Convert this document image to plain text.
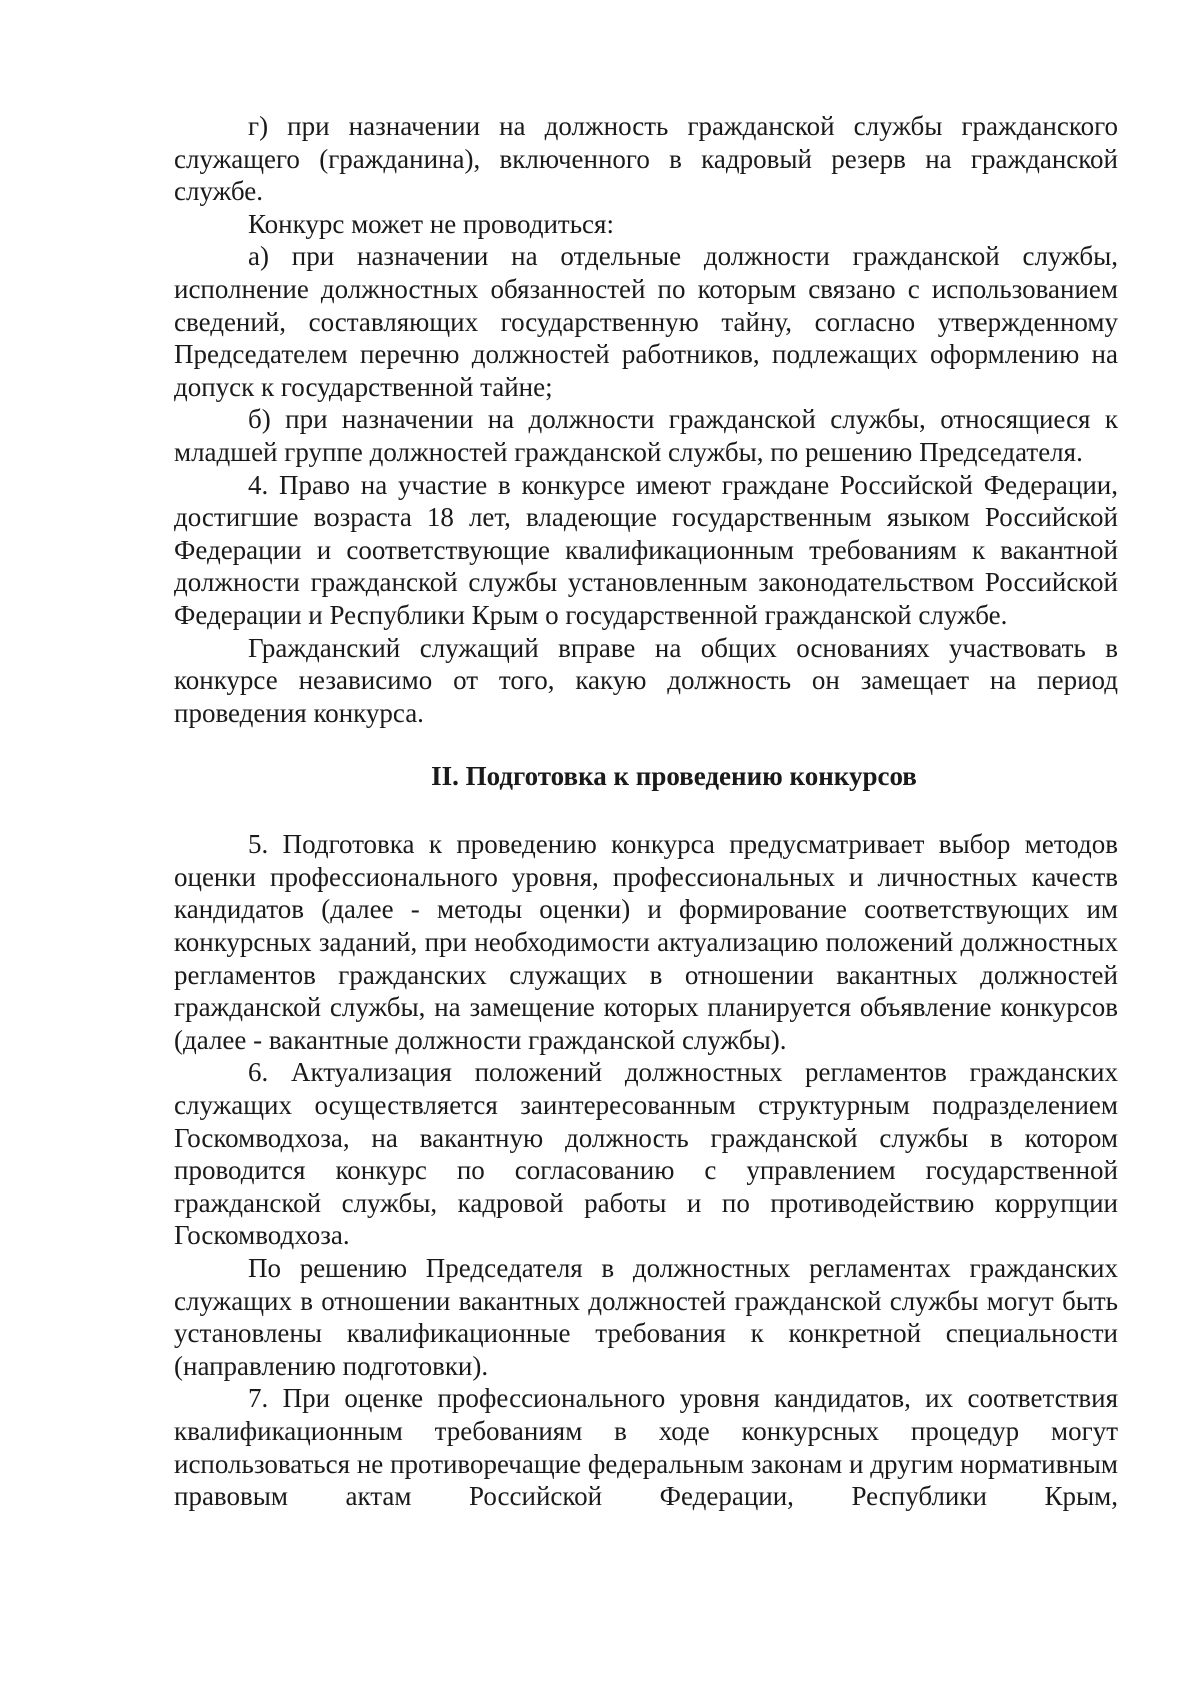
г) при назначении на должность гражданской службы гражданского служащего (гражданина), включенного в кадровый резерв на гражданской службе.

Конкурс может не проводиться:

а) при назначении на отдельные должности гражданской службы, исполнение должностных обязанностей по которым связано с использованием сведений, составляющих государственную тайну, согласно утвержденному Председателем перечню должностей работников, подлежащих оформлению на допуск к государственной тайне;

б) при назначении на должности гражданской службы, относящиеся к младшей группе должностей гражданской службы, по решению Председателя.

4. Право на участие в конкурсе имеют граждане Российской Федерации, достигшие возраста 18 лет, владеющие государственным языком Российской Федерации и соответствующие квалификационным требованиям к вакантной должности гражданской службы установленным законодательством Российской Федерации и Республики Крым о государственной гражданской службе.

Гражданский служащий вправе на общих основаниях участвовать в конкурсе независимо от того, какую должность он замещает на период проведения конкурса.

II. Подготовка к проведению конкурсов

5. Подготовка к проведению конкурса предусматривает выбор методов оценки профессионального уровня, профессиональных и личностных качеств кандидатов (далее - методы оценки) и формирование соответствующих им конкурсных заданий, при необходимости актуализацию положений должностных регламентов гражданских служащих в отношении вакантных должностей гражданской службы, на замещение которых планируется объявление конкурсов (далее - вакантные должности гражданской службы).

6. Актуализация положений должностных регламентов гражданских служащих осуществляется заинтересованным структурным подразделением Госкомводхоза, на вакантную должность гражданской службы в котором проводится конкурс по согласованию с управлением государственной гражданской службы, кадровой работы и по противодействию коррупции Госкомводхоза.

По решению Председателя в должностных регламентах гражданских служащих в отношении вакантных должностей гражданской службы могут быть установлены квалификационные требования к конкретной специальности (направлению подготовки).

7. При оценке профессионального уровня кандидатов, их соответствия квалификационным требованиям в ходе конкурсных процедур могут использоваться не противоречащие федеральным законам и другим нормативным правовым актам Российской Федерации, Республики Крым,
